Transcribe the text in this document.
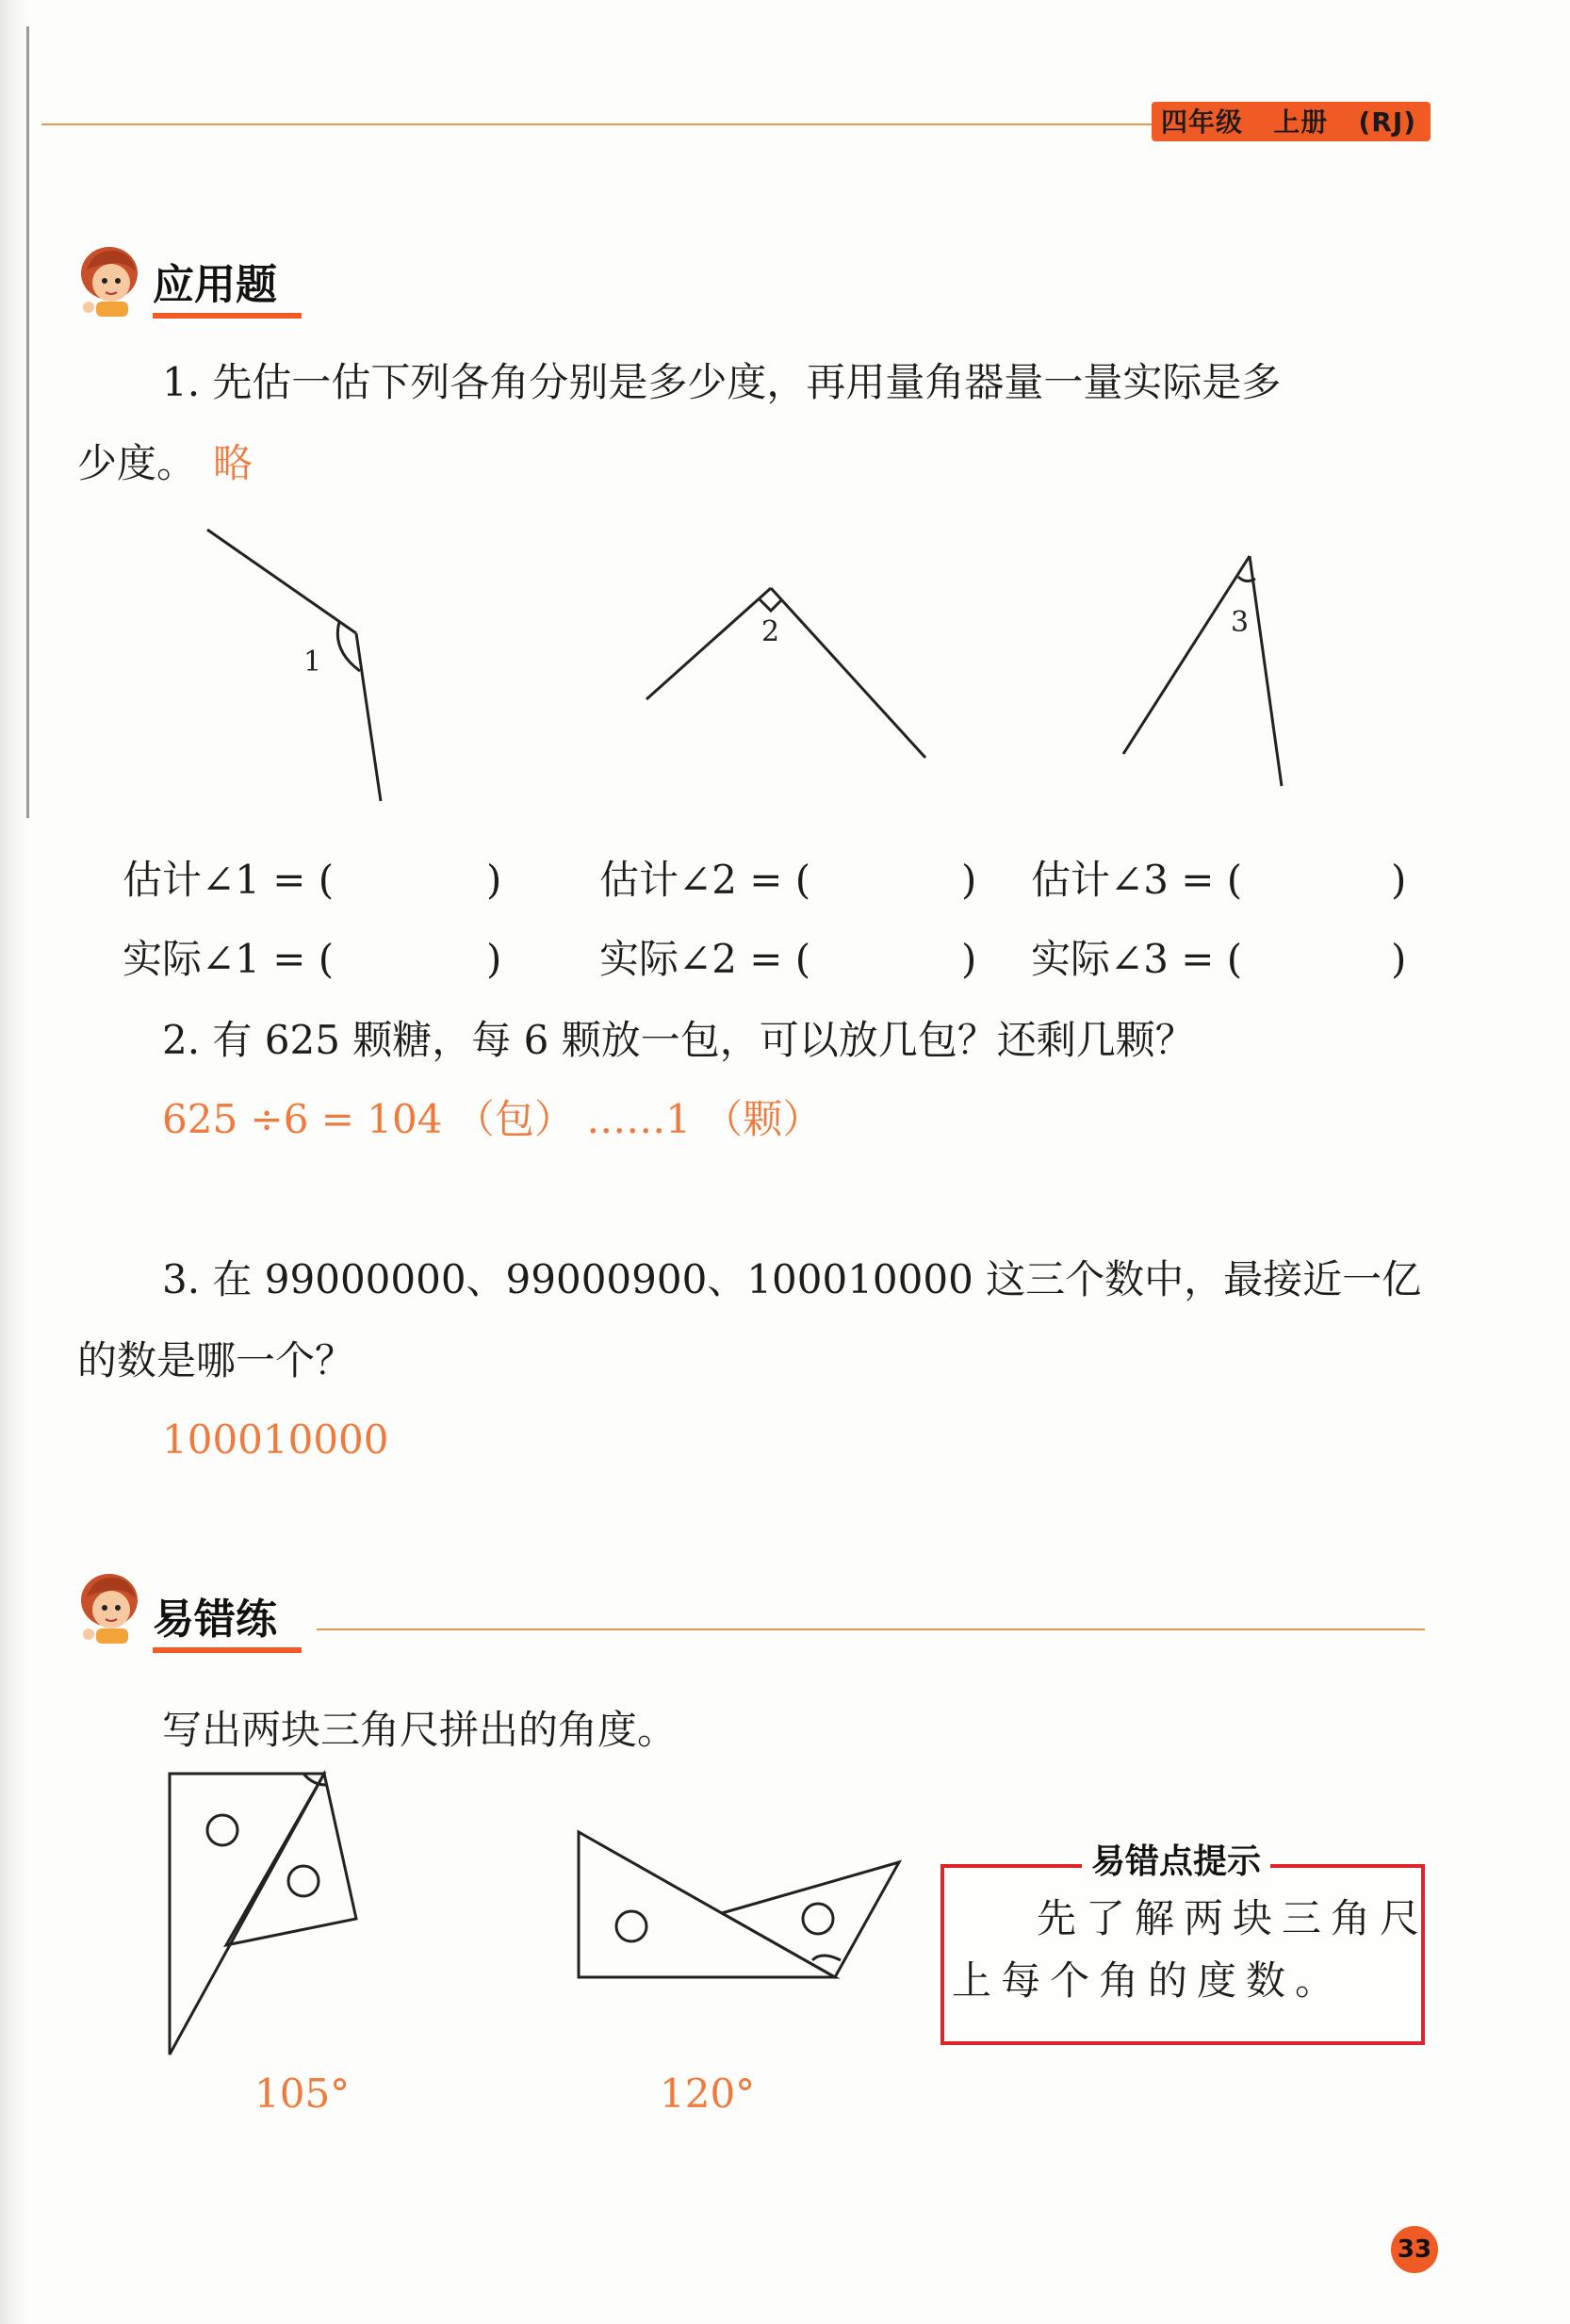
四年级   上册   (RJ)
应用题
1. 先估一估下列各角分别是多少度，再用量角器量一量实际是多
少度。 略
1
2	3
估计∠1 = (	) 估计∠2 = (	) 估计∠3 = (	)
实际∠1 = (	) 实际∠2 = (	) 实际∠3 = (	)
2. 有 625 颗糖，每 6 颗放一包，可以放几包？还剩几颗？
625 ÷6 = 104 （包） ……1 （颗）
3. 在 99000000、99000900、100010000 这三个数中，最接近一亿
的数是哪一个？
100010000
易错练
写出两块三角尺拼出的角度。
105°	120°
易错点提示
先了解两块三角尺
上每个角的度数。
33
